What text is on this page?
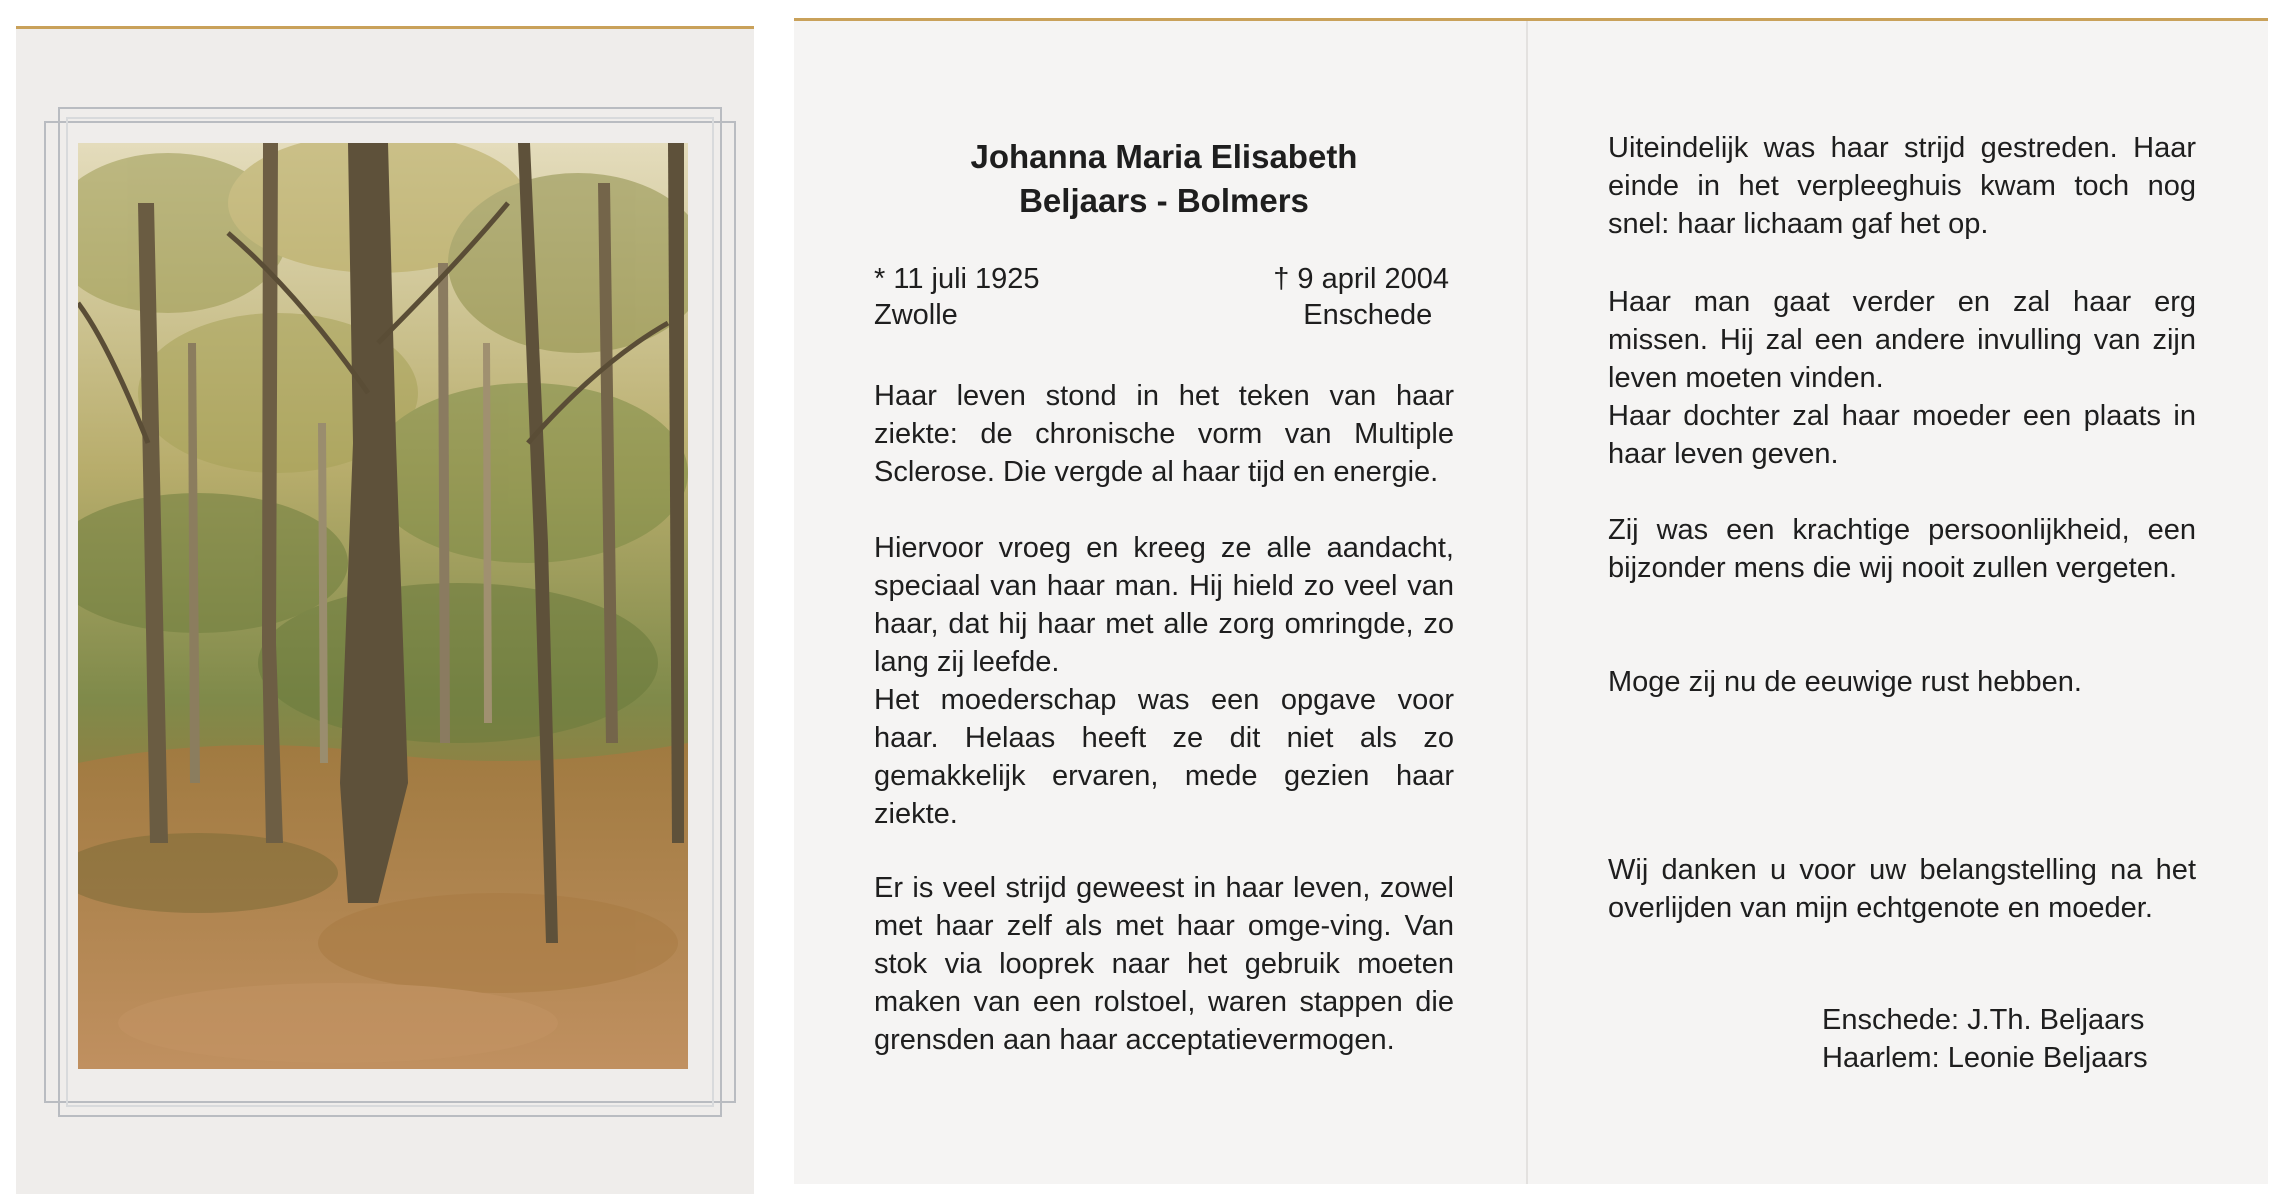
Johanna Maria Elisabeth
Beljaars - Bolmers
* 11 juli 1925
Zwolle
† 9 april 2004
Enschede
Haar leven stond in het teken van haar ziekte: de chronische vorm van Multiple Sclerose. Die vergde al haar tijd en energie.
Hiervoor vroeg en kreeg ze alle aandacht, speciaal van haar man. Hij hield zo veel van haar, dat hij haar met alle zorg omringde, zo lang zij leefde.
Het moederschap was een opgave voor haar. Helaas heeft ze dit niet als zo gemakkelijk ervaren, mede gezien haar ziekte.
Er is veel strijd geweest in haar leven, zowel met haar zelf als met haar omge-ving. Van stok via looprek naar het gebruik moeten maken van een rolstoel, waren stappen die grensden aan haar acceptatievermogen.
Uiteindelijk was haar strijd gestreden. Haar einde in het verpleeghuis kwam toch nog snel: haar lichaam gaf het op.
Haar man gaat verder en zal haar erg missen. Hij zal een andere invulling van zijn leven moeten vinden.
Haar dochter zal haar moeder een plaats in haar leven geven.
Zij was een krachtige persoonlijkheid, een bijzonder mens die wij nooit zullen vergeten.
Moge zij nu de eeuwige rust hebben.
Wij danken u voor uw belangstelling na het overlijden van mijn echtgenote en moeder.
Enschede: J.Th. Beljaars
Haarlem: Leonie Beljaars
